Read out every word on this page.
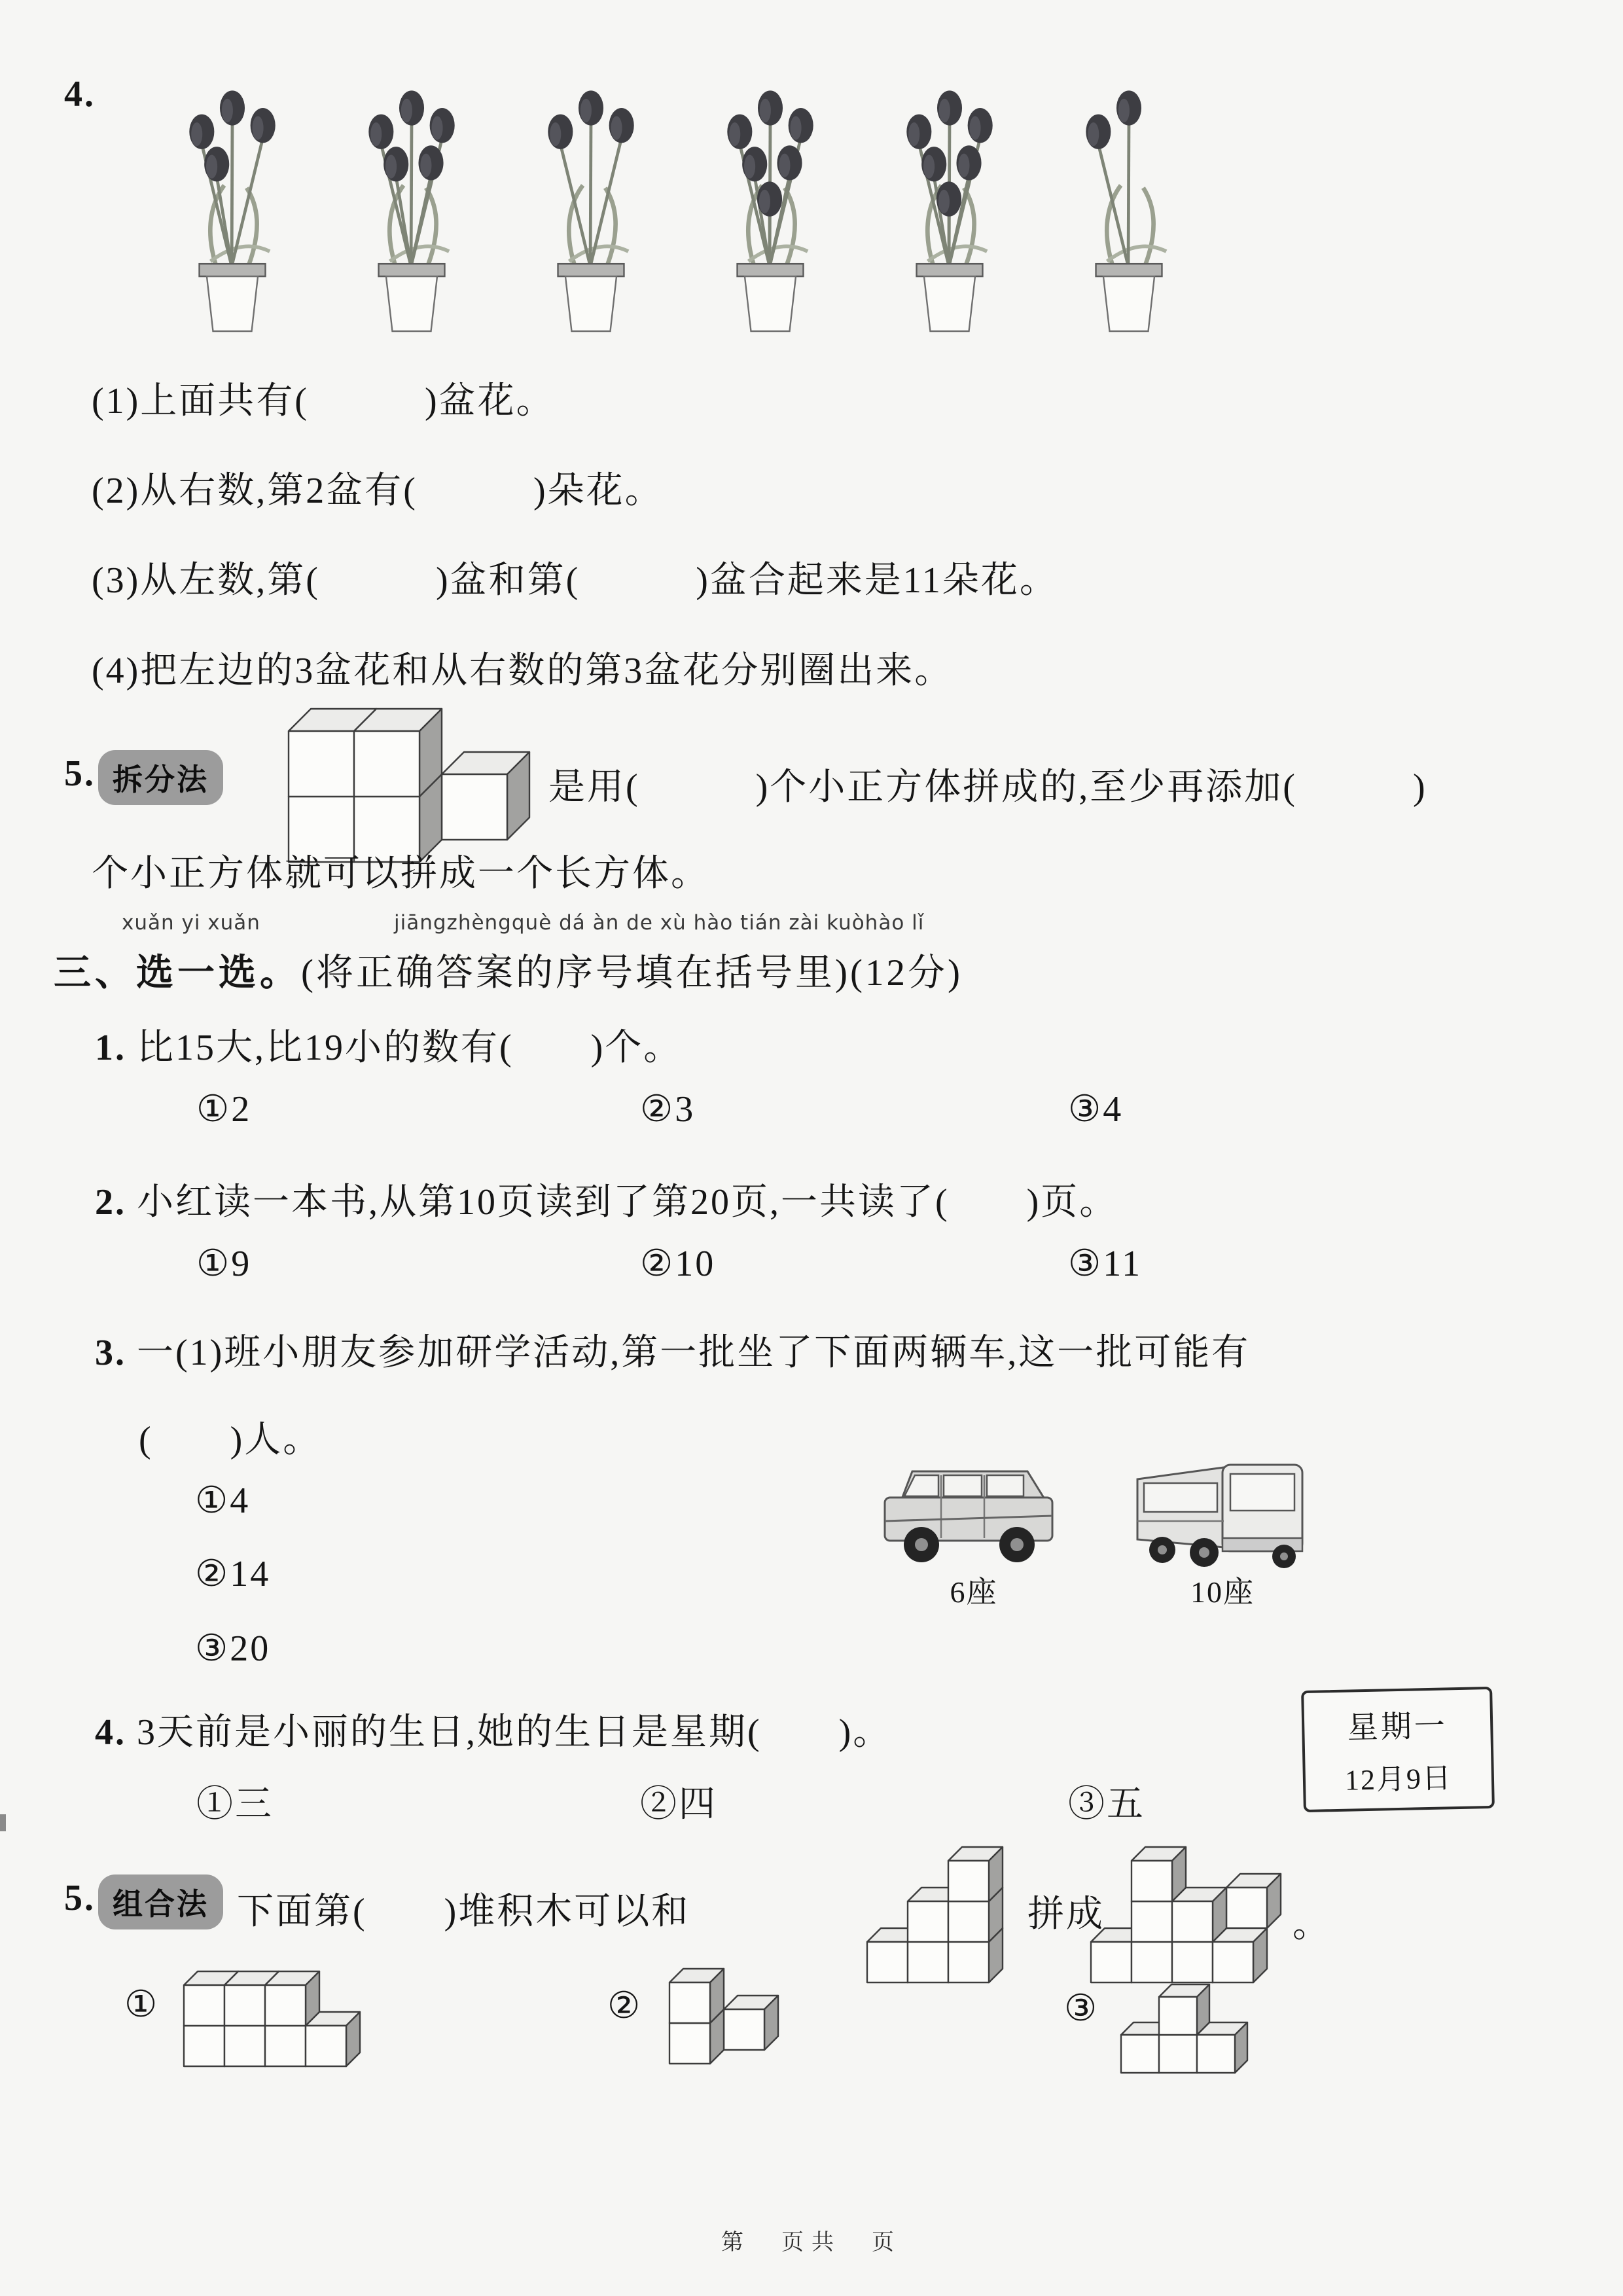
4.
(1)上面共有(　　　)盆花。
(2)从右数,第2盆有(　　　)朵花。
(3)从左数,第(　　　)盆和第(　　　)盆合起来是11朵花。
(4)把左边的3盆花和从右数的第3盆花分别圈出来。
5. 拆分法	是用(　　　)个小正方体拼成的,至少再添加(　　　)
个小正方体就可以拼成一个长方体。
xuǎn yi xuǎn	jiāngzhèngquè dá àn de xù hào tián zài kuòhào lǐ
三、选一选。(将正确答案的序号填在括号里)(12分)
1. 比15大,比19小的数有(　　)个。
①2	②3	③4
2. 小红读一本书,从第10页读到了第20页,一共读了(　　)页。
①9	②10	③11
3. 一(1)班小朋友参加研学活动,第一批坐了下面两辆车,这一批可能有
(　　)人。
①4
②14
③20
6座	10座
4. 3天前是小丽的生日,她的生日是星期(　　)。
①三	②四	③五
星期一
12月9日
5. 组合法 下面第(　　)堆积木可以和	拼成	。
①	②	③
第　页共　页
